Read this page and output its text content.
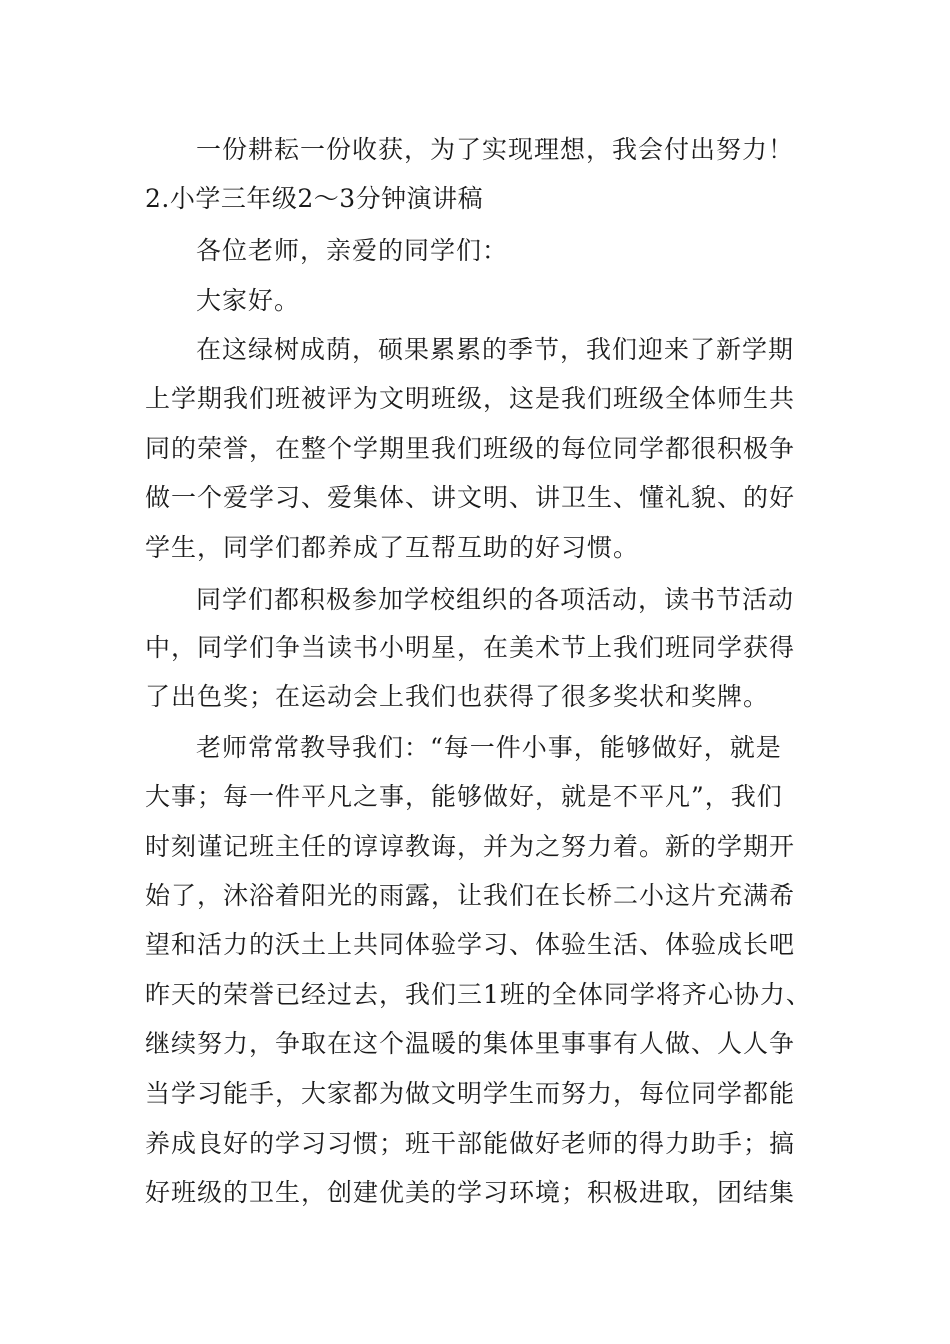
一份耕耘一份收获，为了实现理想，我会付出努力！
2.小学三年级2～3分钟演讲稿
各位老师，亲爱的同学们：
大家好。
在这绿树成荫，硕果累累的季节，我们迎来了新学期
上学期我们班被评为文明班级，这是我们班级全体师生共
同的荣誉，在整个学期里我们班级的每位同学都很积极争
做一个爱学习、爱集体、讲文明、讲卫生、懂礼貌、的好
学生，同学们都养成了互帮互助的好习惯。
同学们都积极参加学校组织的各项活动，读书节活动
中，同学们争当读书小明星，在美术节上我们班同学获得
了出色奖；在运动会上我们也获得了很多奖状和奖牌。
老师常常教导我们：“每一件小事，能够做好，就是
大事；每一件平凡之事，能够做好，就是不平凡”，我们
时刻谨记班主任的谆谆教诲，并为之努力着。新的学期开
始了，沐浴着阳光的雨露，让我们在长桥二小这片充满希
望和活力的沃土上共同体验学习、体验生活、体验成长吧
昨天的荣誉已经过去，我们三1班的全体同学将齐心协力、
继续努力，争取在这个温暖的集体里事事有人做、人人争
当学习能手，大家都为做文明学生而努力，每位同学都能
养成良好的学习习惯；班干部能做好老师的得力助手；搞
好班级的卫生，创建优美的学习环境；积极进取，团结集
